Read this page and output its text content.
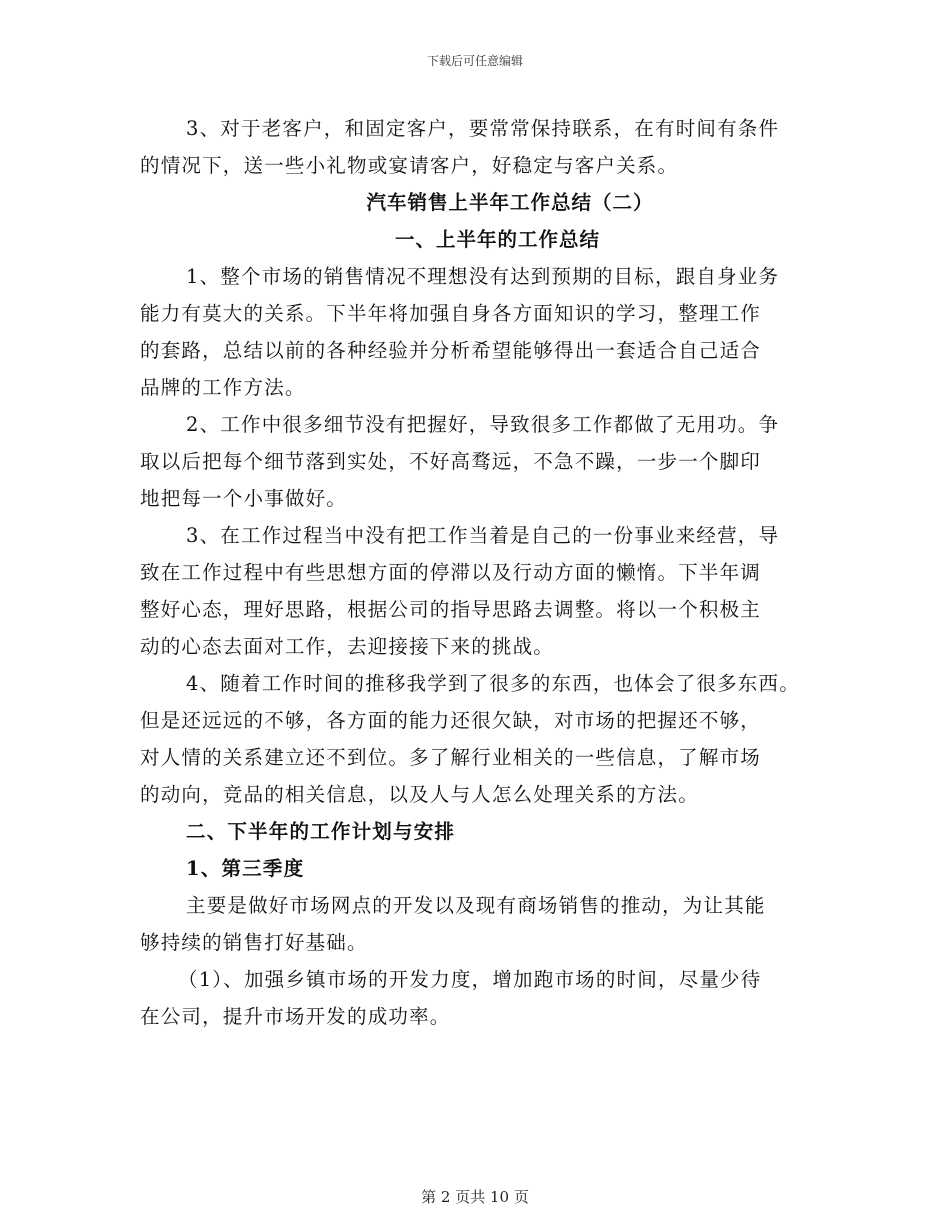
下载后可任意编辑
3、对于老客户，和固定客户，要常常保持联系，在有时间有条件
的情况下，送一些小礼物或宴请客户，好稳定与客户关系。
汽车销售上半年工作总结（二）
一、上半年的工作总结
1、整个市场的销售情况不理想没有达到预期的目标，跟自身业务
能力有莫大的关系。下半年将加强自身各方面知识的学习，整理工作
的套路，总结以前的各种经验并分析希望能够得出一套适合自己适合
品牌的工作方法。
2、工作中很多细节没有把握好，导致很多工作都做了无用功。争
取以后把每个细节落到实处，不好高骛远，不急不躁，一步一个脚印
地把每一个小事做好。
3、在工作过程当中没有把工作当着是自己的一份事业来经营，导
致在工作过程中有些思想方面的停滞以及行动方面的懒惰。下半年调
整好心态，理好思路，根据公司的指导思路去调整。将以一个积极主
动的心态去面对工作，去迎接接下来的挑战。
4、随着工作时间的推移我学到了很多的东西，也体会了很多东西。
但是还远远的不够，各方面的能力还很欠缺，对市场的把握还不够，
对人情的关系建立还不到位。多了解行业相关的一些信息，了解市场
的动向，竞品的相关信息，以及人与人怎么处理关系的方法。
二、下半年的工作计划与安排
1、第三季度
主要是做好市场网点的开发以及现有商场销售的推动，为让其能
够持续的销售打好基础。
（1）、加强乡镇市场的开发力度，增加跑市场的时间，尽量少待
在公司，提升市场开发的成功率。
第 2 页共 10 页
